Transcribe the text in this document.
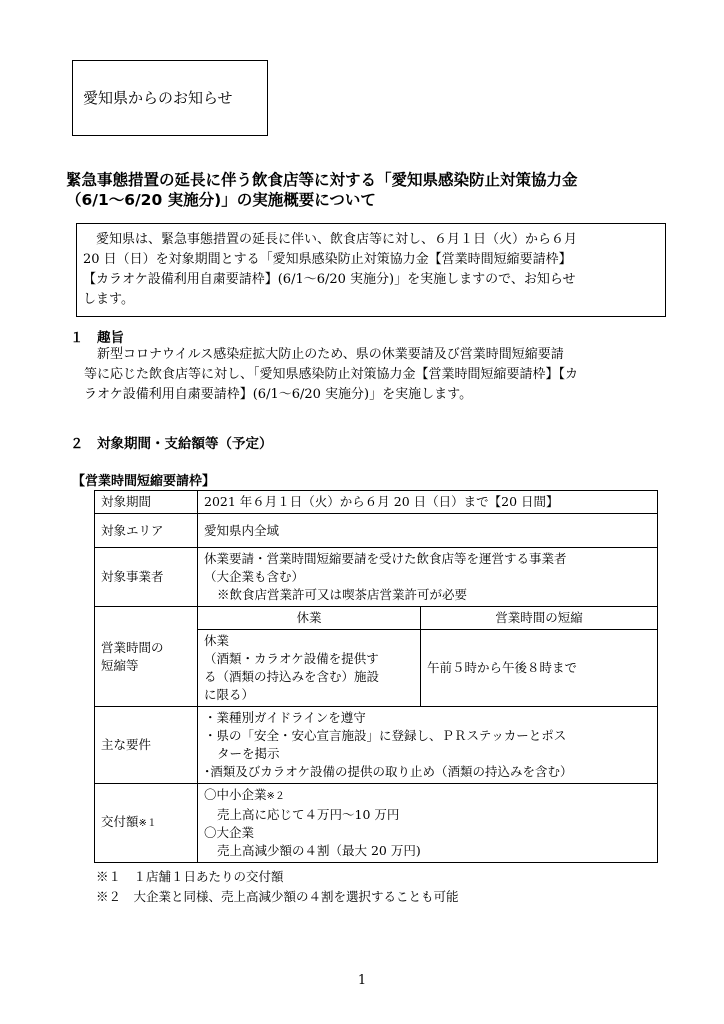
愛知県からのお知らせ
緊急事態措置の延長に伴う飲食店等に対する「愛知県感染防止対策協力金
（6/1～6/20 実施分)」の実施概要について
愛知県は、緊急事態措置の延長に伴い、飲食店等に対し、６月１日（火）から６月
20 日（日）を対象期間とする「愛知県感染防止対策協力金【営業時間短縮要請枠】
【カラオケ設備利用自粛要請枠】(6/1～6/20 実施分)」を実施しますので、お知らせ
します。
１　趣旨
新型コロナウイルス感染症拡大防止のため、県の休業要請及び営業時間短縮要請
等に応じた飲食店等に対し、｢愛知県感染防止対策協力金【営業時間短縮要請枠】【カ
ラオケ設備利用自粛要請枠】(6/1～6/20 実施分)」を実施します。
２　対象期間・支給額等（予定）
【営業時間短縮要請枠】
対象期間	2021 年６月１日（火）から６月 20 日（日）まで【20 日間】	
対象エリア	愛知県内全域	
対象事業者	休業要請・営業時間短縮要請を受けた飲食店等を運営する事業者
（大企業も含む）
※飲食店営業許可又は喫茶店営業許可が必要	

営業時間の
短縮等	休業	営業時間の短縮

	休業
（酒類・カラオケ設備を提供す
る（酒類の持込みを含む）施設
に限る）	午前５時から午後８時まで
主な要件	・業種別ガイドラインを遵守
・県の「安全・安心宣言施設」に登録し、ＰＲステッカーとポス
ターを掲示
･酒類及びカラオケ設備の提供の取り止め（酒類の持込みを含む）	

交付額※１	〇中小企業※２
売上高に応じて４万円～10 万円
〇大企業
売上高減少額の４割（最大 20 万円)	
※１　１店舗１日あたりの交付額
※２　大企業と同様、売上高減少額の４割を選択することも可能
1
